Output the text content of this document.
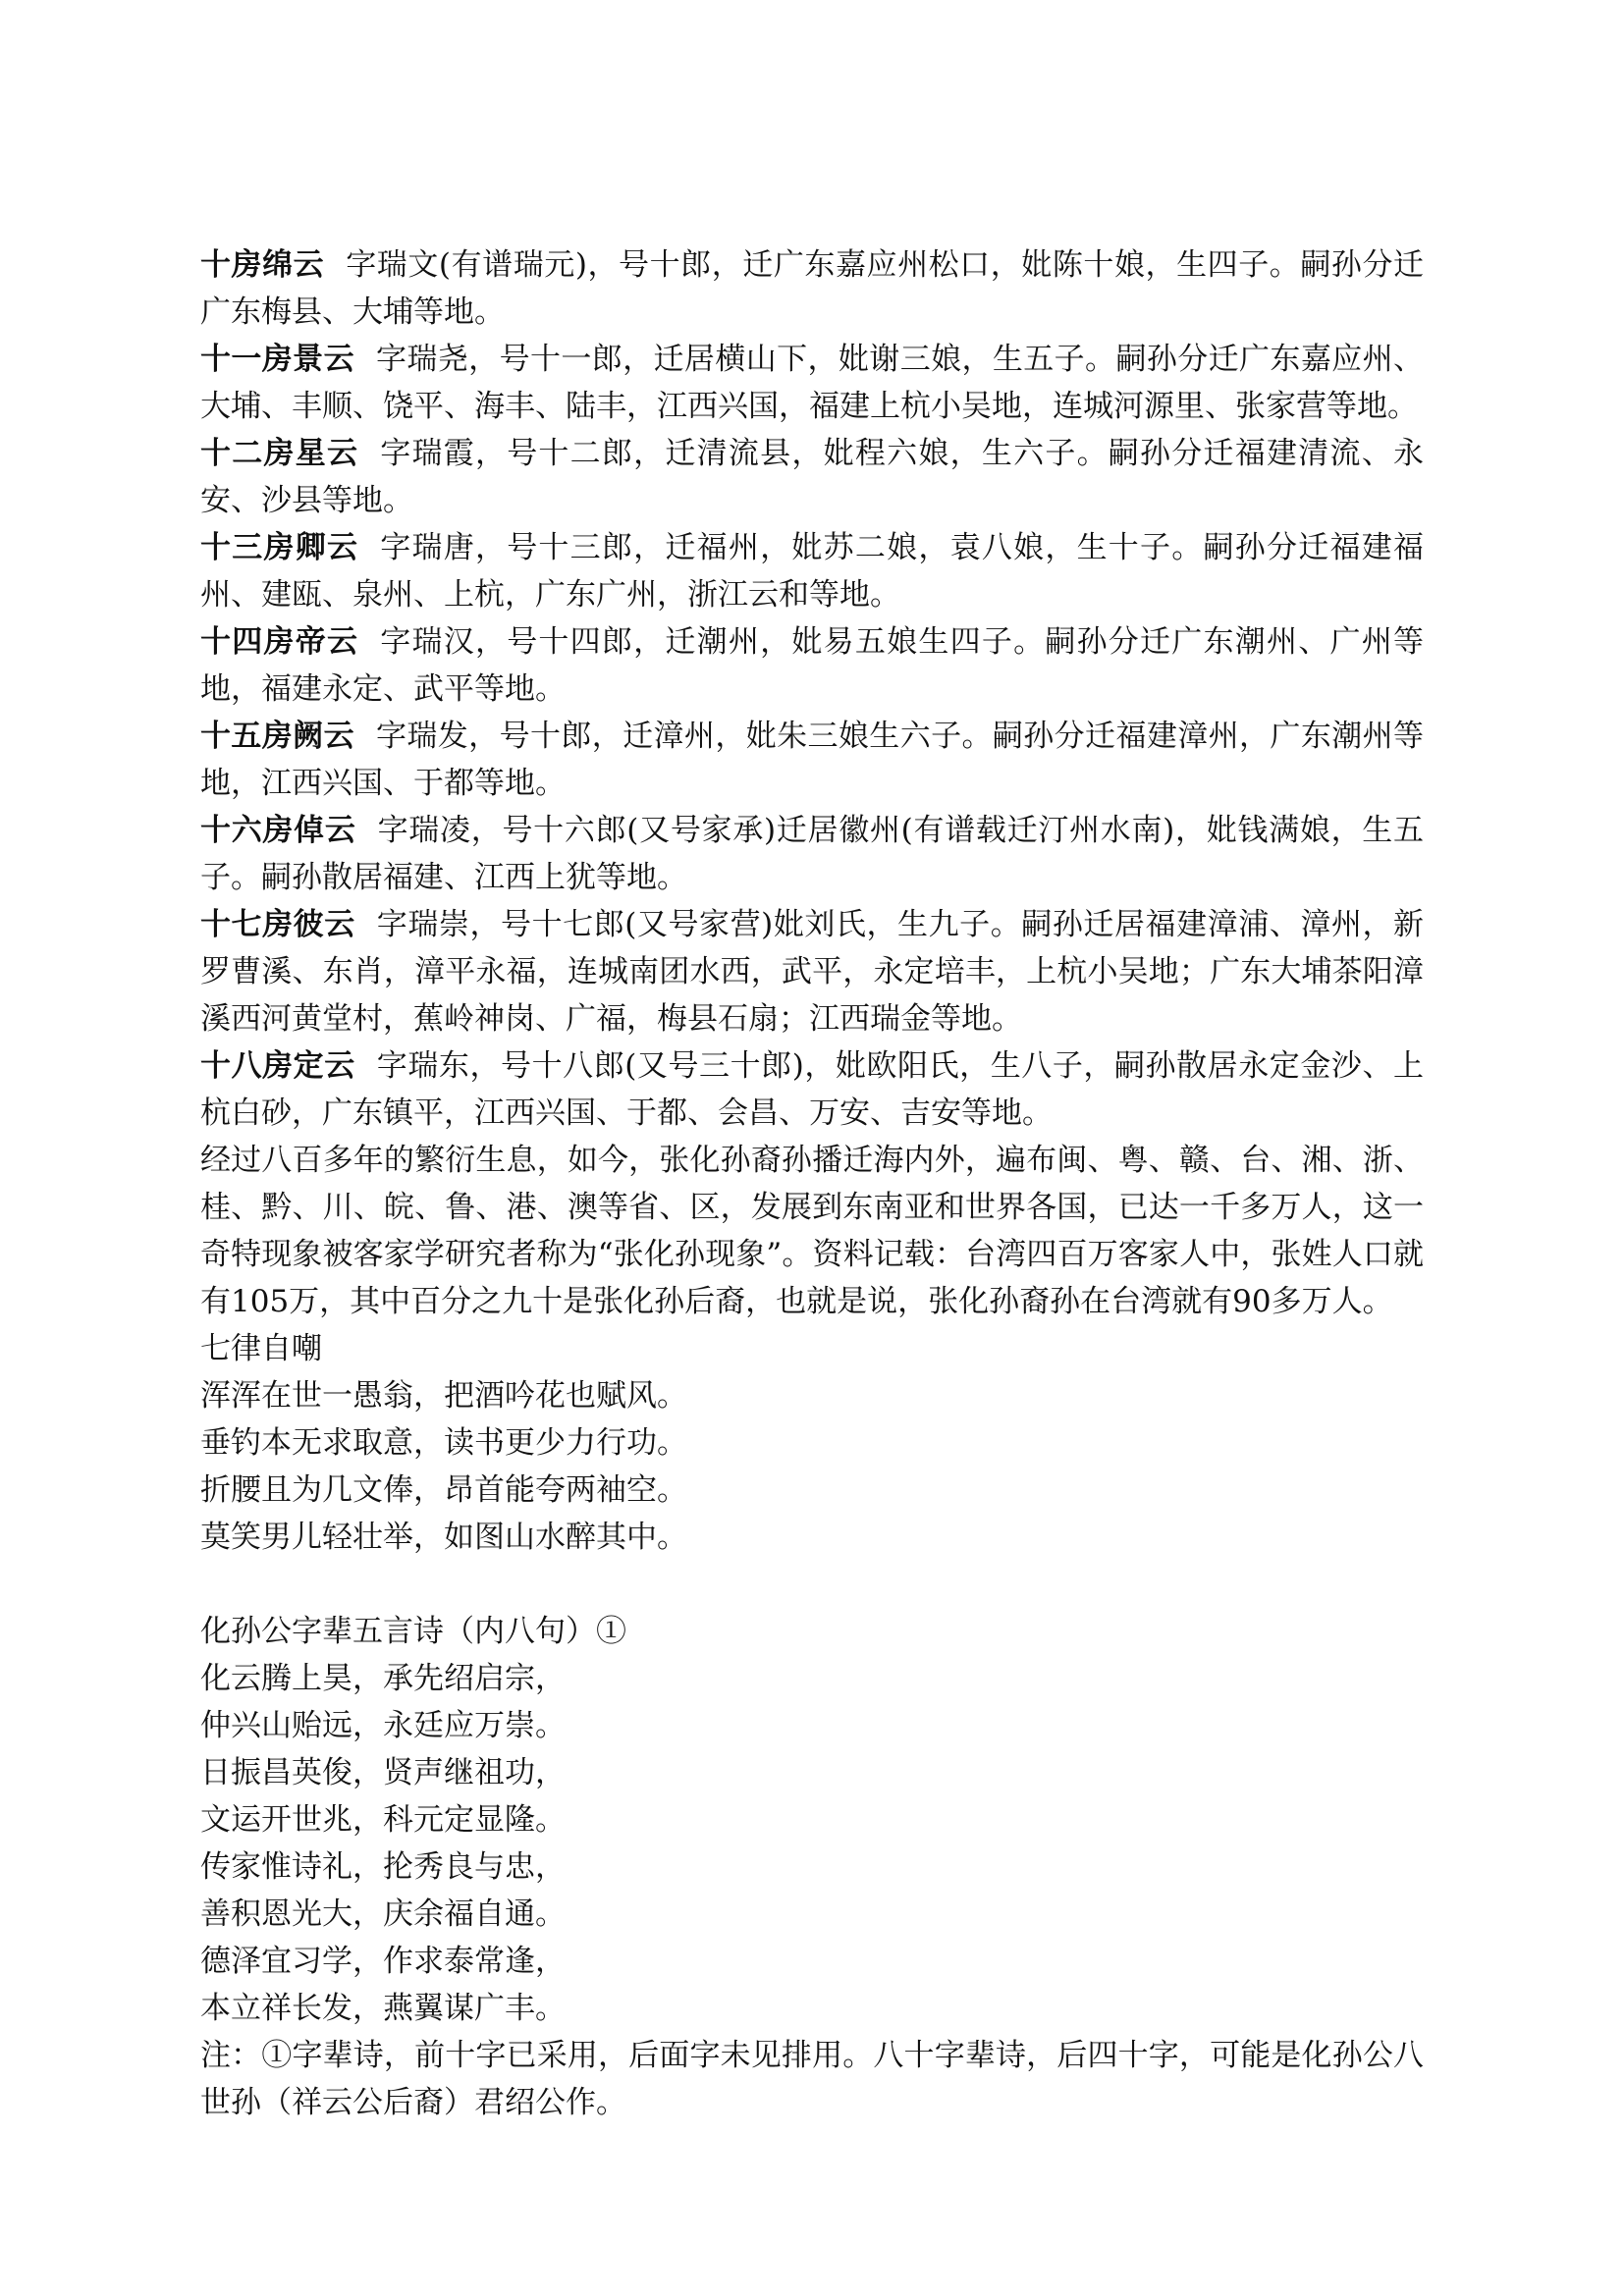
十房绵云 字瑞文(有谱瑞元)，号十郎，迁广东嘉应州松口，妣陈十娘，生四子。嗣孙分迁广东梅县、大埔等地。

十一房景云 字瑞尧，号十一郎，迁居横山下，妣谢三娘，生五子。嗣孙分迁广东嘉应州、大埔、丰顺、饶平、海丰、陆丰，江西兴国，福建上杭小吴地，连城河源里、张家营等地。

十二房星云 字瑞霞，号十二郎，迁清流县，妣程六娘，生六子。嗣孙分迁福建清流、永安、沙县等地。

十三房卿云 字瑞唐，号十三郎，迁福州，妣苏二娘，袁八娘，生十子。嗣孙分迁福建福州、建瓯、泉州、上杭，广东广州，浙江云和等地。

十四房帝云 字瑞汉，号十四郎，迁潮州，妣易五娘生四子。嗣孙分迁广东潮州、广州等地，福建永定、武平等地。

十五房阙云 字瑞发，号十郎，迁漳州，妣朱三娘生六子。嗣孙分迁福建漳州，广东潮州等地，江西兴国、于都等地。

十六房倬云 字瑞凌，号十六郎(又号家承)迁居徽州(有谱载迁汀州水南)，妣钱满娘，生五子。嗣孙散居福建、江西上犹等地。

十七房彼云 字瑞崇，号十七郎(又号家营)妣刘氏，生九子。嗣孙迁居福建漳浦、漳州，新罗曹溪、东肖，漳平永福，连城南团水西，武平，永定培丰，上杭小吴地；广东大埔茶阳漳溪西河黄堂村，蕉岭神岗、广福，梅县石扇；江西瑞金等地。

十八房定云 字瑞东，号十八郎(又号三十郎)，妣欧阳氏，生八子，嗣孙散居永定金沙、上杭白砂，广东镇平，江西兴国、于都、会昌、万安、吉安等地。

经过八百多年的繁衍生息，如今，张化孙裔孙播迁海内外，遍布闽、粤、赣、台、湘、浙、桂、黔、川、皖、鲁、港、澳等省、区，发展到东南亚和世界各国，已达一千多万人，这一奇特现象被客家学研究者称为“张化孙现象”。资料记载：台湾四百万客家人中，张姓人口就有105万，其中百分之九十是张化孙后裔，也就是说，张化孙裔孙在台湾就有90多万人。

七律自嘲

浑浑在世一愚翁，把酒吟花也赋风。

垂钓本无求取意，读书更少力行功。

折腰且为几文俸，昂首能夸两袖空。

莫笑男儿轻壮举，如图山水醉其中。

化孙公字辈五言诗（内八句）①

化云腾上昊，承先绍启宗，

仲兴山贻远，永廷应万崇。

日振昌英俊，贤声继祖功，

文运开世兆，科元定显隆。

传家惟诗礼，抡秀良与忠，

善积恩光大，庆余福自通。

德泽宜习学，作求泰常逢，

本立祥长发，燕翼谋广丰。

注：①字辈诗，前十字已采用，后面字未见排用。八十字辈诗，后四十字，可能是化孙公八世孙（祥云公后裔）君绍公作。
